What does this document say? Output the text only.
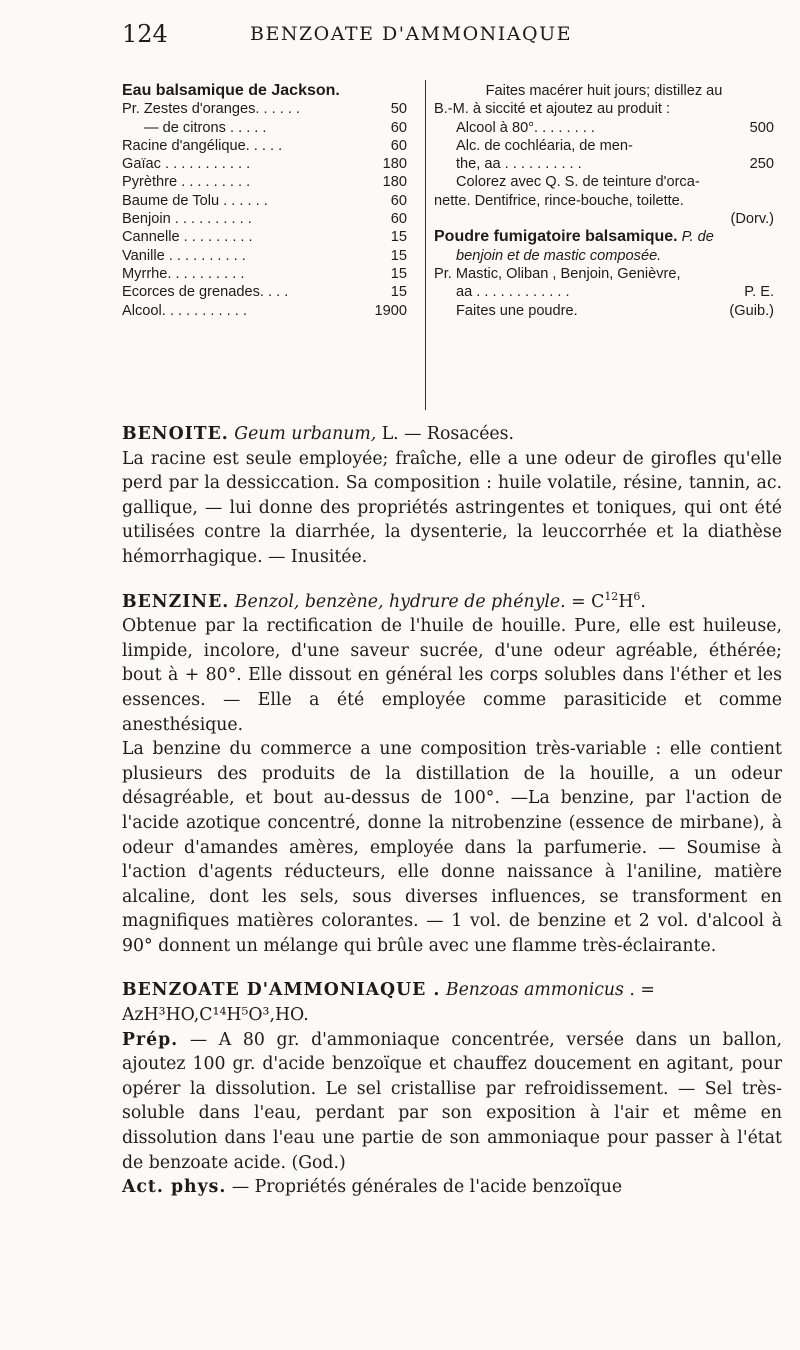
124	BENZOATE D'AMMONIAQUE
Eau balsamique de Jackson.
Pr. Zestes d'oranges. . . . . .	50
— de citrons . . . . .	60
Racine d'angélique. . . . .	60
Gaïac . . . . . . . . . . .	180
Pyrèthre . . . . . . . . .	180
Baume de Tolu . . . . . .	60
Benjoin . . . . . . . . . .	60
Cannelle . . . . . . . . .	15
Vanille . . . . . . . . . .	15
Myrrhe. . . . . . . . . .	15
Ecorces de grenades. . . .	15
Alcool. . . . . . . . . . .	1900
Faites macérer huit jours; distillez au
B.-M. à siccité et ajoutez au produit :
Alcool à 80°. . . . . . . .	500
Alc. de cochléaria, de men-
the, aa . . . . . . . . . .	250
Colorez avec Q. S. de teinture d'orca-
nette. Dentifrice, rince-bouche, toilette.
(Dorv.)
Poudre fumigatoire balsamique. P. de
benjoin et de mastic composée.
Pr. Mastic, Oliban , Benjoin, Genièvre,
aa . . . . . . . . . . . .	P. E.
Faites une poudre.	(Guib.)

BENOITE. Geum urbanum, L. — Rosacées.

La racine est seule employée; fraîche, elle a une odeur de girofles qu'elle perd par la dessiccation. Sa composition : huile volatile, résine, tannin, ac. gallique, — lui donne des propriétés astringentes et toniques, qui ont été utilisées contre la diarrhée, la dysenterie, la leuccorrhée et la diathèse hémorrhagique. — Inusitée.

BENZINE. Benzol, benzène, hydrure de phényle. = $C^{12}H^6$.

Obtenue par la rectification de l'huile de houille. Pure, elle est huileuse, limpide, incolore, d'une saveur sucrée, d'une odeur agréable, éthérée; bout à + 80°. Elle dissout en général les corps solubles dans l'éther et les essences. — Elle a été employée comme parasiticide et comme anesthésique.

La benzine du commerce a une composition très-variable : elle contient plusieurs des produits de la distillation de la houille, a un odeur désagréable, et bout au-dessus de 100°. —La benzine, par l'action de l'acide azotique concentré, donne la nitrobenzine (essence de mirbane), à odeur d'amandes amères, employée dans la parfumerie. — Soumise à l'action d'agents réducteurs, elle donne naissance à l'aniline, matière alcaline, dont les sels, sous diverses influences, se transforment en magnifiques matières colorantes. — 1 vol. de benzine et 2 vol. d'alcool à 90° donnent un mélange qui brûle avec une flamme très-éclairante.

BENZOATE D'AMMONIAQUE . Benzoas ammonicus . =

AzH³HO,C¹⁴H⁵O³,HO.

Prép. — A 80 gr. d'ammoniaque concentrée, versée dans un ballon, ajoutez 100 gr. d'acide benzoïque et chauffez doucement en agitant, pour opérer la dissolution. Le sel cristallise par refroidissement. — Sel très-soluble dans l'eau, perdant par son exposition à l'air et même en dissolution dans l'eau une partie de son ammoniaque pour passer à l'état de benzoate acide. (God.)

Act. phys. — Propriétés générales de l'acide benzoïque
